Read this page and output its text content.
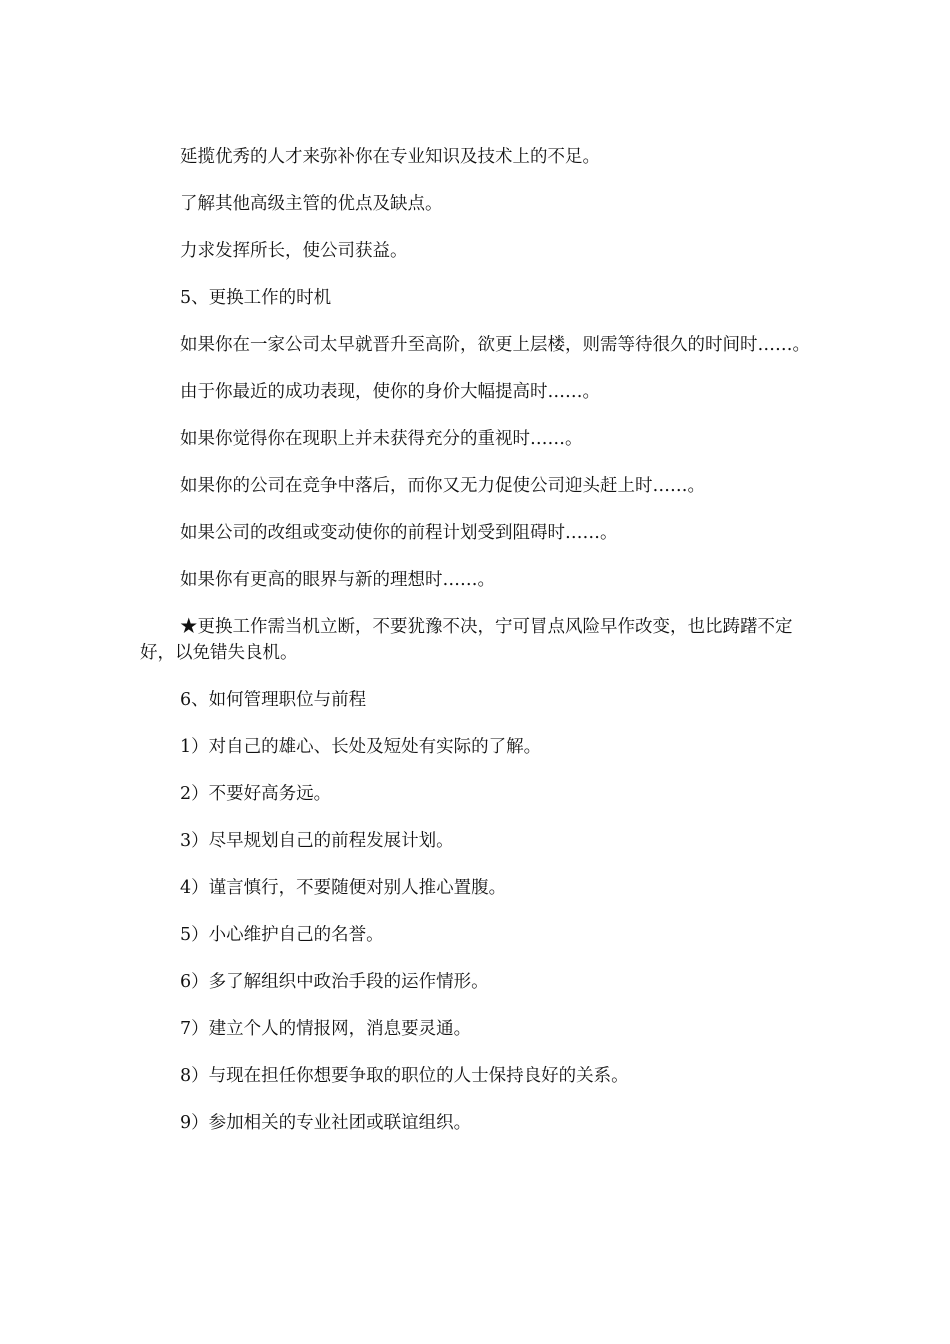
延揽优秀的人才来弥补你在专业知识及技术上的不足。

了解其他高级主管的优点及缺点。

力求发挥所长，使公司获益。

5、更换工作的时机

如果你在一家公司太早就晋升至高阶，欲更上层楼，则需等待很久的时间时……。

由于你最近的成功表现，使你的身价大幅提高时……。

如果你觉得你在现职上并未获得充分的重视时……。

如果你的公司在竞争中落后，而你又无力促使公司迎头赶上时……。

如果公司的改组或变动使你的前程计划受到阻碍时……。

如果你有更高的眼界与新的理想时……。

★更换工作需当机立断，不要犹豫不决，宁可冒点风险早作改变，也比踌躇不定好，以免错失良机。

6、如何管理职位与前程

1）对自己的雄心、长处及短处有实际的了解。

2）不要好高务远。

3）尽早规划自己的前程发展计划。

4）谨言慎行，不要随便对别人推心置腹。

5）小心维护自己的名誉。

6）多了解组织中政治手段的运作情形。

7）建立个人的情报网，消息要灵通。

8）与现在担任你想要争取的职位的人士保持良好的关系。

9）参加相关的专业社团或联谊组织。
